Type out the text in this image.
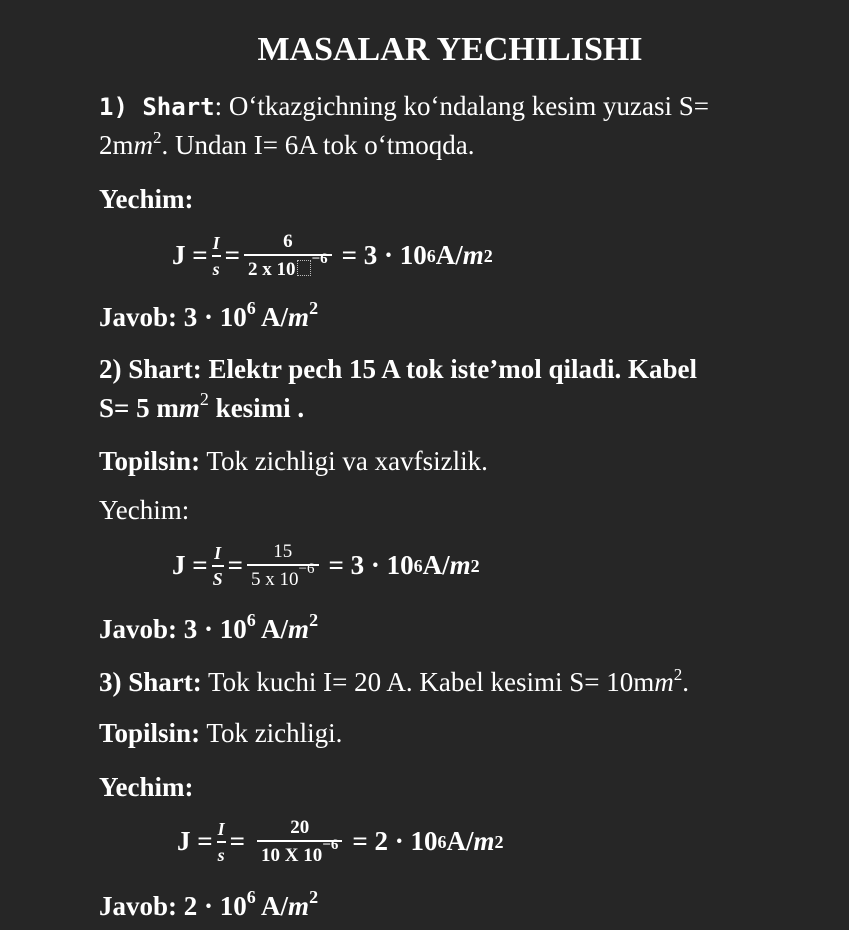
MASALAR YECHILISHI
1) Shart: O‘tkazgichning ko‘ndalang kesim yuzasi S=
$2mm^2$. Undan I= 6A tok o‘tmoqda.
Yechim:
$J = \frac{I}{s} = \frac{6}{2 x 10 ^{-6}} = 3 \cdot 10$ 6 A/ m 2
Javob: $3 \cdot 10^6$ $A/m^2$
2) Shart: Elektr pech 15 A tok iste’mol qiladi. Kabel
S= 5 $mm^2$ kesimi .
Topilsin: Tok zichligi va xavfsizlik.
Yechim:
$J = \frac{I}{S} = \frac{15}{5 x 10^{-6}} = 3 \cdot 10$ 6 A/ m 2
Javob: $3 \cdot 10^6$ $A/m^2$
3) Shart: Tok kuchi I= 20 A. Kabel kesimi $S= 10mm^2$.
Topilsin: Tok zichligi.
Yechim:
$J = \frac{I}{s} = \frac{20}{10 X 10^{-6}} = 2 \cdot 10$ 6 A/ m 2
Javob: $2 \cdot 10^6$ $A/m^2$
